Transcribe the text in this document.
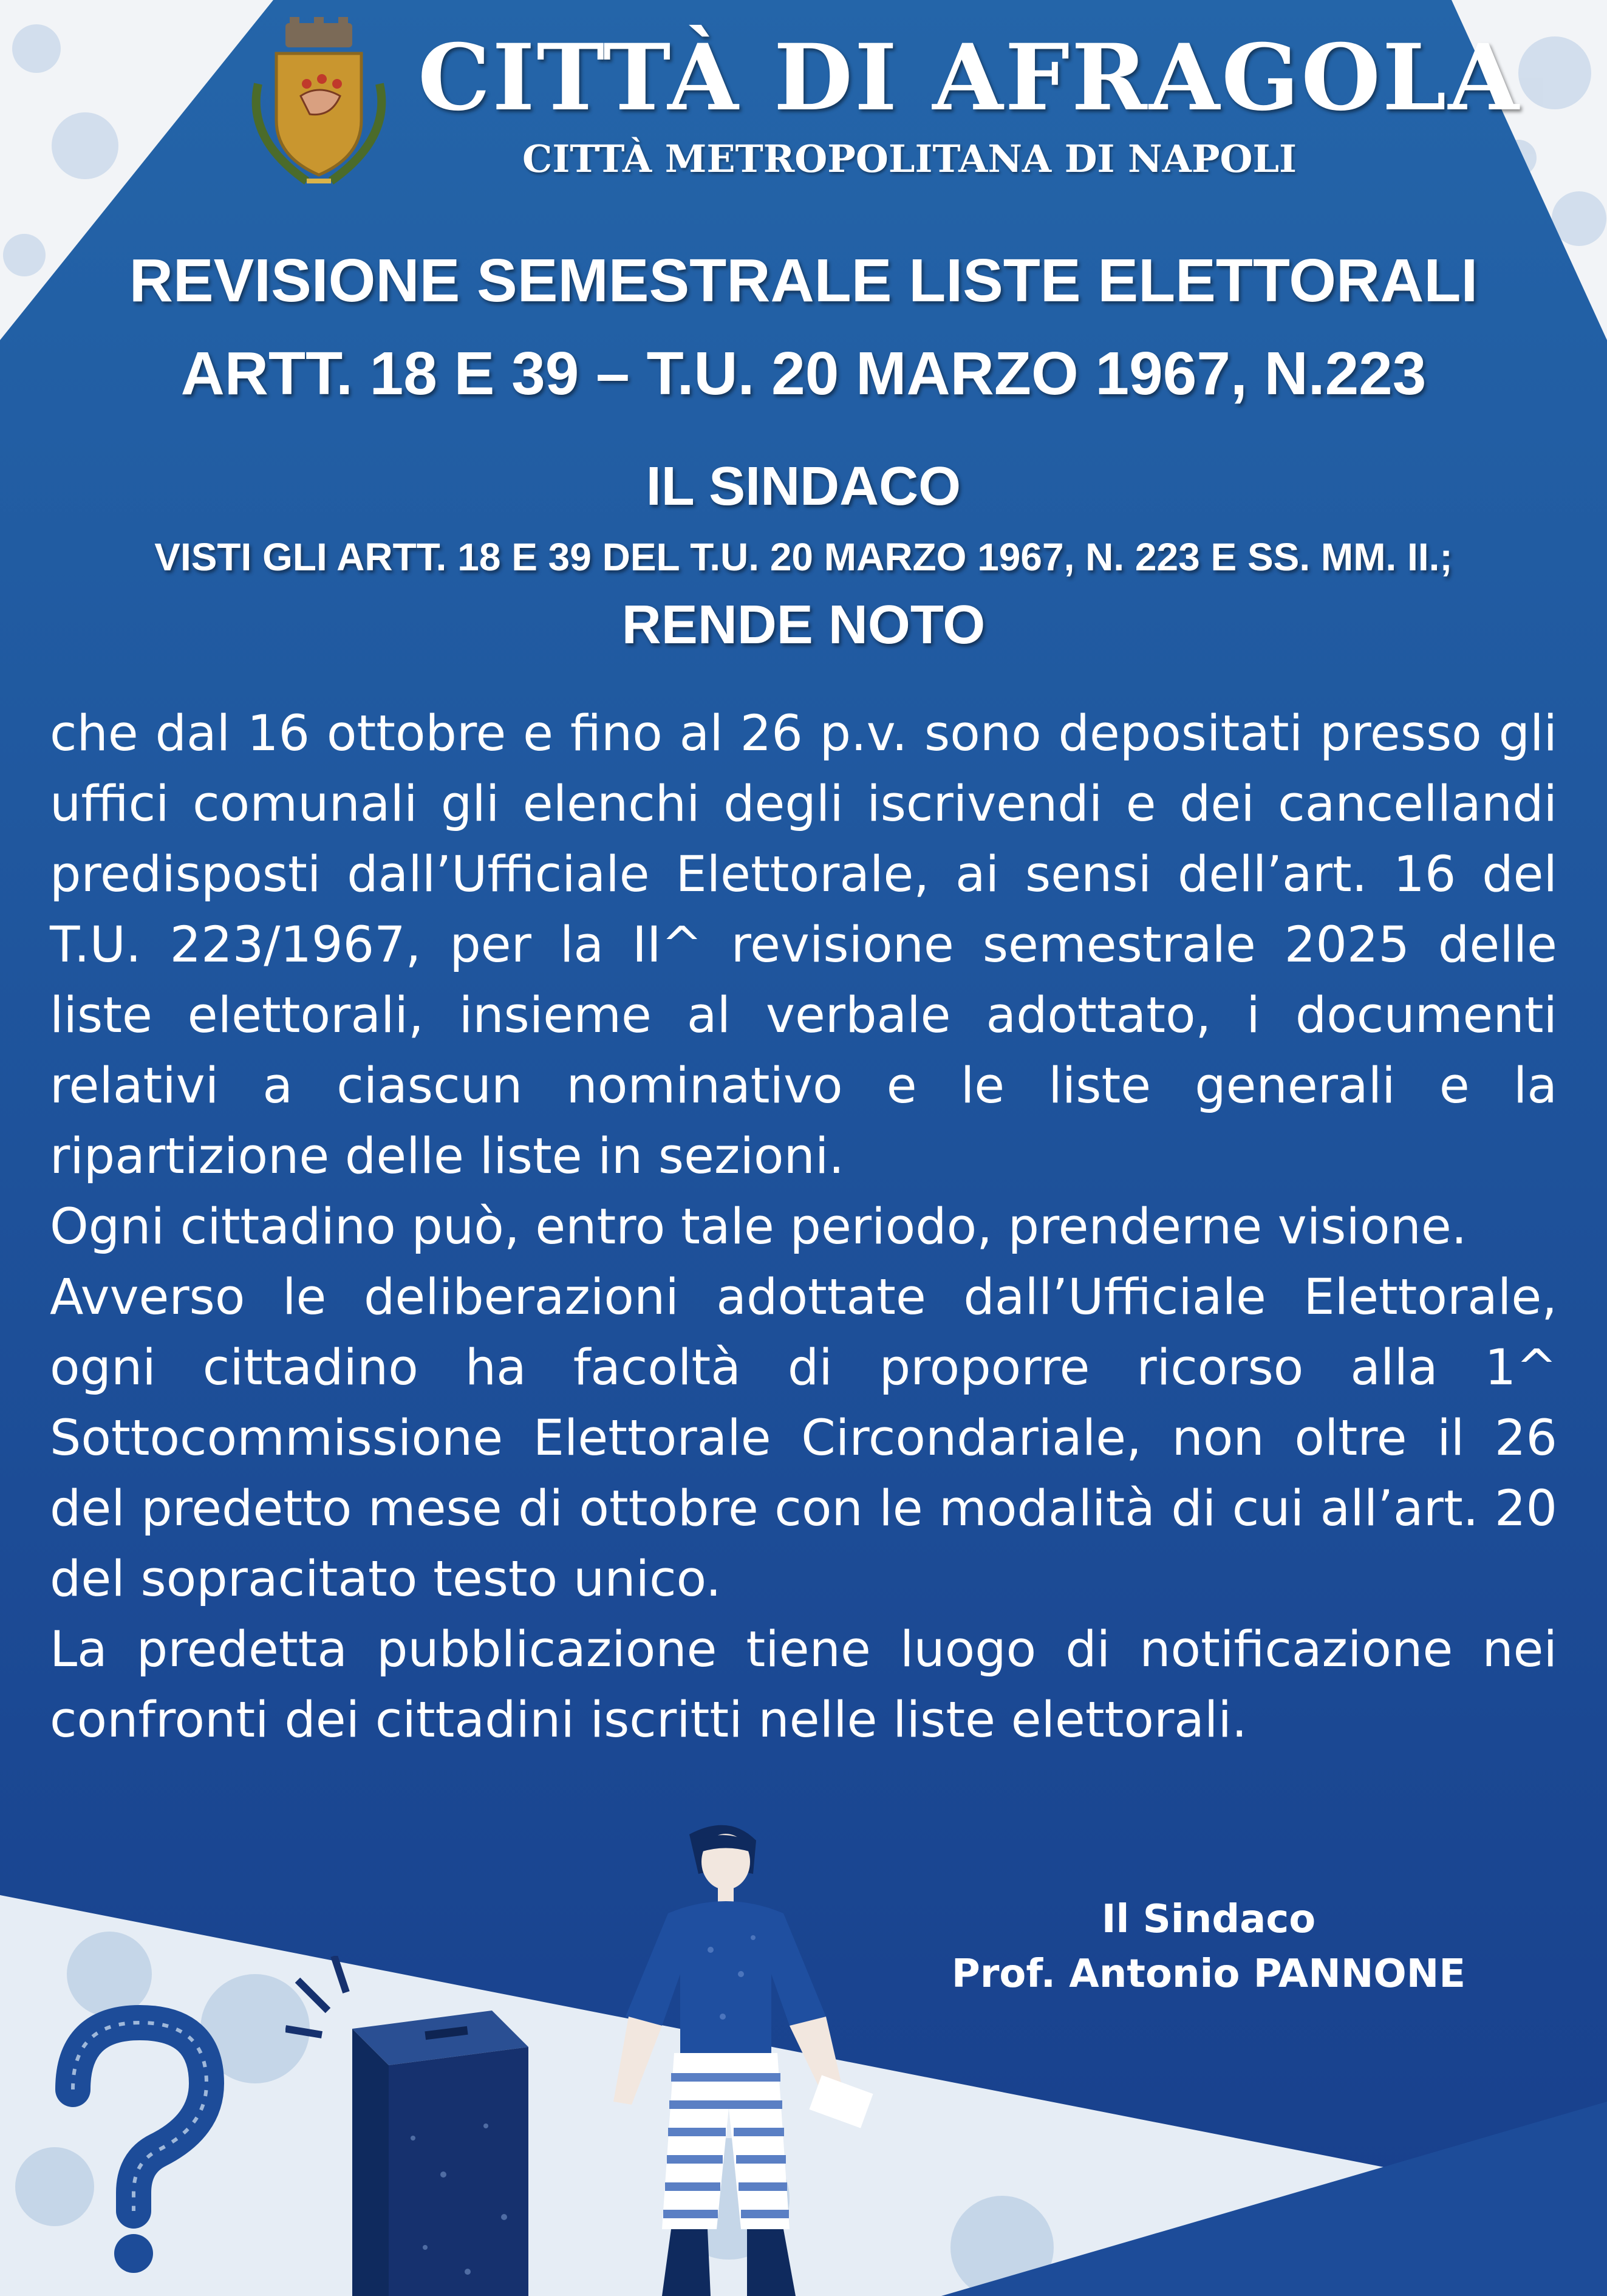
CITTÀ DI AFRAGOLA
CITTÀ METROPOLITANA DI NAPOLI
REVISIONE SEMESTRALE LISTE ELETTORALI
ARTT. 18 E 39 – T.U. 20 MARZO 1967, N.223
IL SINDACO
VISTI GLI ARTT. 18 E 39 DEL T.U. 20 MARZO 1967, N. 223 E SS. MM. II.;
RENDE NOTO

che dal 16 ottobre e fino al 26 p.v. sono depositati presso gli uffici comunali gli elenchi degli iscrivendi e dei cancellandi predisposti dall’Ufficiale Elettorale, ai sensi dell’art. 16 del T.U. 223/1967, per la II^ revisione semestrale 2025 delle liste elettorali, insieme al verbale adottato, i documenti relativi a ciascun nominativo e le liste generali e la ripartizione delle liste in sezioni.

Ogni cittadino può, entro tale periodo, prenderne visione.

Avverso le deliberazioni adottate dall’Ufficiale Elettorale, ogni cittadino ha facoltà di proporre ricorso alla 1^ Sottocommissione Elettorale Circondariale, non oltre il 26 del predetto mese di ottobre con le modalità di cui all’art. 20 del sopracitato testo unico.

La predetta pubblicazione tiene luogo di notificazione nei confronti dei cittadini iscritti nelle liste elettorali.

Il Sindaco
Prof. Antonio PANNONE
